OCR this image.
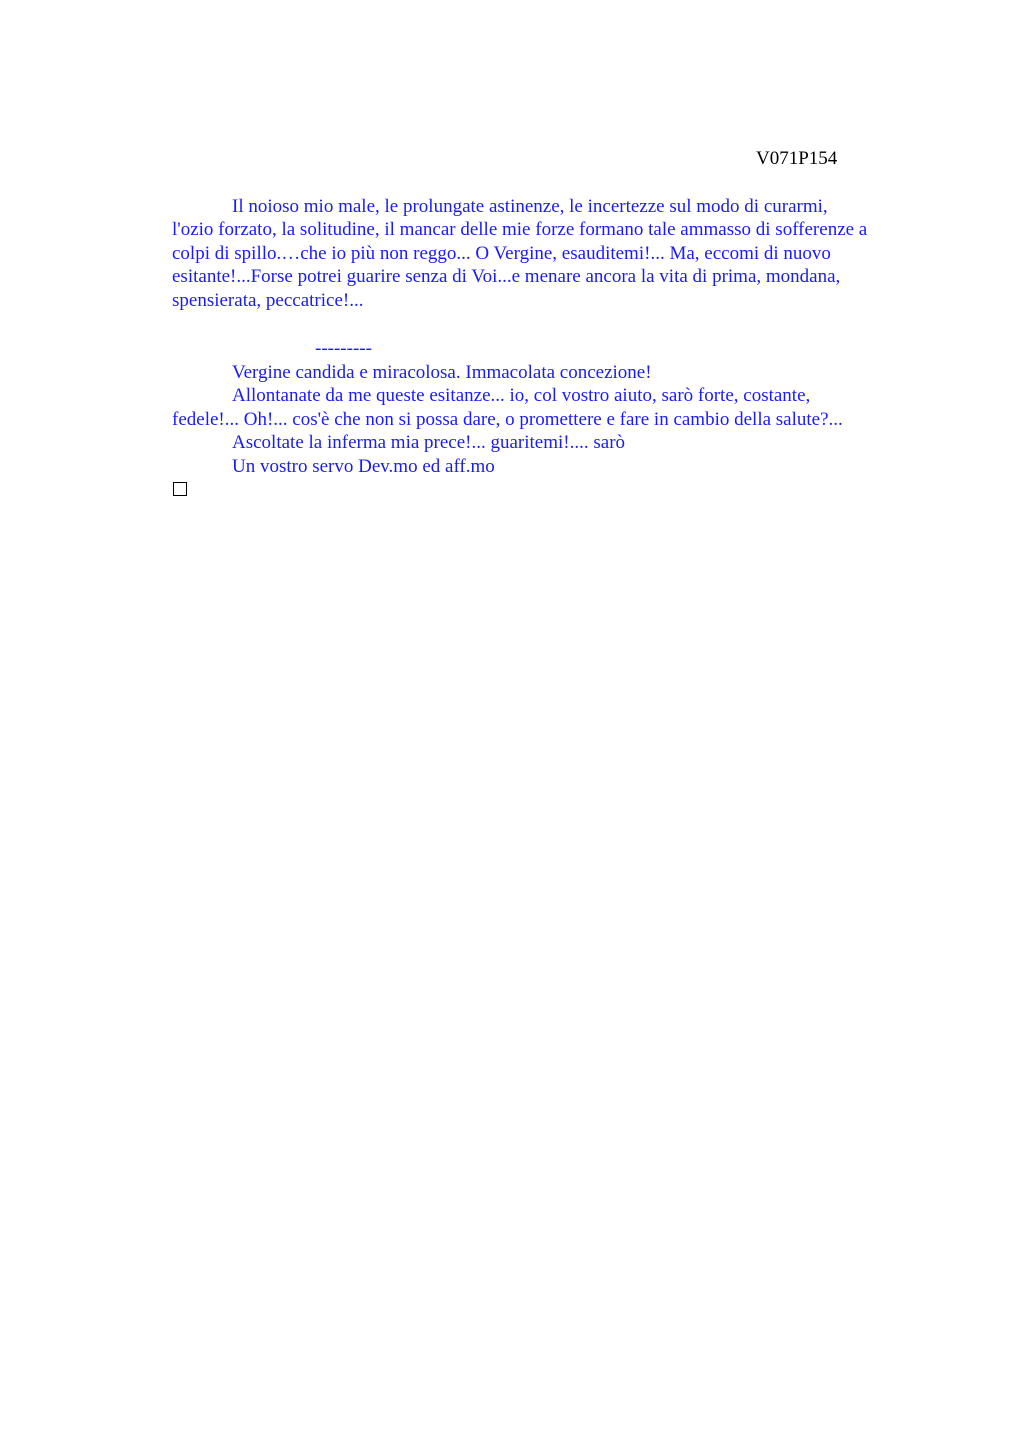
V071P154
Il noioso mio male, le prolungate astinenze, le incertezze sul modo di curarmi,
l'ozio forzato, la solitudine, il mancar delle mie forze formano tale ammasso di sofferenze a
colpi di spillo.…che io più non reggo... O Vergine, esauditemi!... Ma, eccomi di nuovo
esitante!...Forse potrei guarire senza di Voi...e menare ancora la vita di prima, mondana,
spensierata, peccatrice!...
---------
Vergine candida e miracolosa. Immacolata concezione!
Allontanate da me queste esitanze... io, col vostro aiuto, sarò forte, costante,
fedele!... Oh!... cos'è che non si possa dare, o promettere e fare in cambio della salute?...
Ascoltate la inferma mia prece!... guaritemi!.... sarò
Un vostro servo Dev.mo ed aff.mo
